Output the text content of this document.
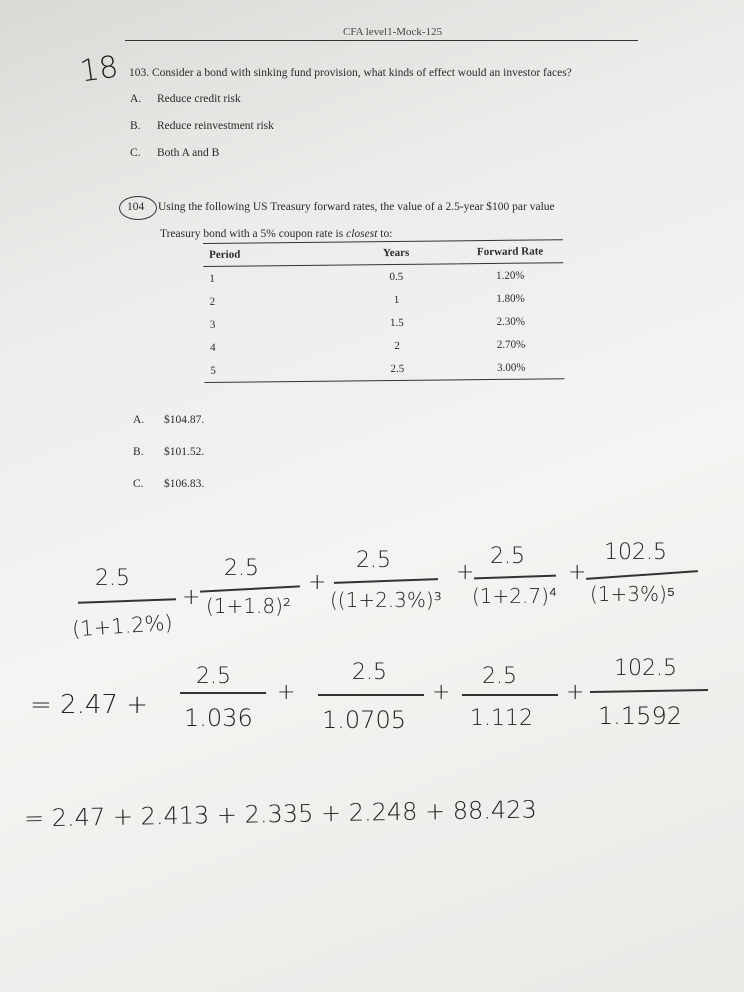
CFA level1-Mock-125
18 103. Consider a bond with sinking fund provision, what kinds of effect would an investor faces?
A. Reduce credit risk
B. Reduce reinvestment risk
C. Both A and B
104 Using the following US Treasury forward rates, the value of a 2.5-year $100 par value
Treasury bond with a 5% coupon rate is closest to:
Period	Years	Forward Rate
1	0.5	1.20%
2	1	1.80%
3	1.5	2.30%
4	2	2.70%
5	2.5	3.00%
A. $104.87.
B. $101.52.
C. $106.83.
2.5
(1+1.2%)
+
2.5
(1+1.8)²
+
2.5
((1+2.3%)³
+
2.5
(1+2.7)⁴
+
102.5
(1+3%)⁵
= 2.47 +
2.5
1.036
+
2.5
1.0705
+
2.5
1.112
+
102.5
1.1592
= 2.47 + 2.413 + 2.335 + 2.248 + 88.423
